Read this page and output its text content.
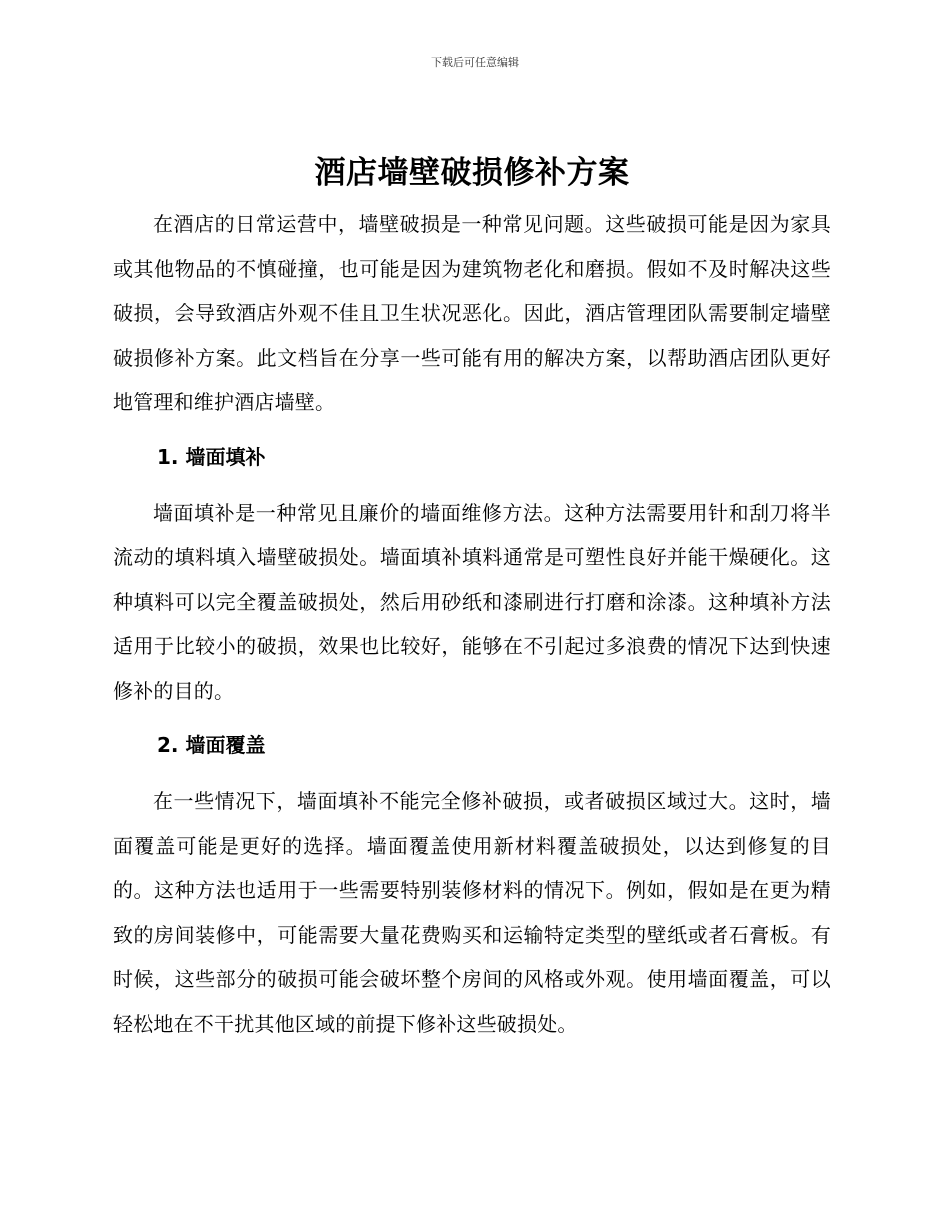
下载后可任意编辑
酒店墙壁破损修补方案

在酒店的日常运营中，墙壁破损是一种常见问题。这些破损可能是因为家具或其他物品的不慎碰撞，也可能是因为建筑物老化和磨损。假如不及时解决这些破损，会导致酒店外观不佳且卫生状况恶化。因此，酒店管理团队需要制定墙壁破损修补方案。此文档旨在分享一些可能有用的解决方案，以帮助酒店团队更好地管理和维护酒店墙壁。

1. 墙面填补

墙面填补是一种常见且廉价的墙面维修方法。这种方法需要用针和刮刀将半流动的填料填入墙壁破损处。墙面填补填料通常是可塑性良好并能干燥硬化。这种填料可以完全覆盖破损处，然后用砂纸和漆刷进行打磨和涂漆。这种填补方法适用于比较小的破损，效果也比较好，能够在不引起过多浪费的情况下达到快速修补的目的。

2. 墙面覆盖

在一些情况下，墙面填补不能完全修补破损，或者破损区域过大。这时，墙面覆盖可能是更好的选择。墙面覆盖使用新材料覆盖破损处，以达到修复的目的。这种方法也适用于一些需要特别装修材料的情况下。例如，假如是在更为精致的房间装修中，可能需要大量花费购买和运输特定类型的壁纸或者石膏板。有时候，这些部分的破损可能会破坏整个房间的风格或外观。使用墙面覆盖，可以轻松地在不干扰其他区域的前提下修补这些破损处。
